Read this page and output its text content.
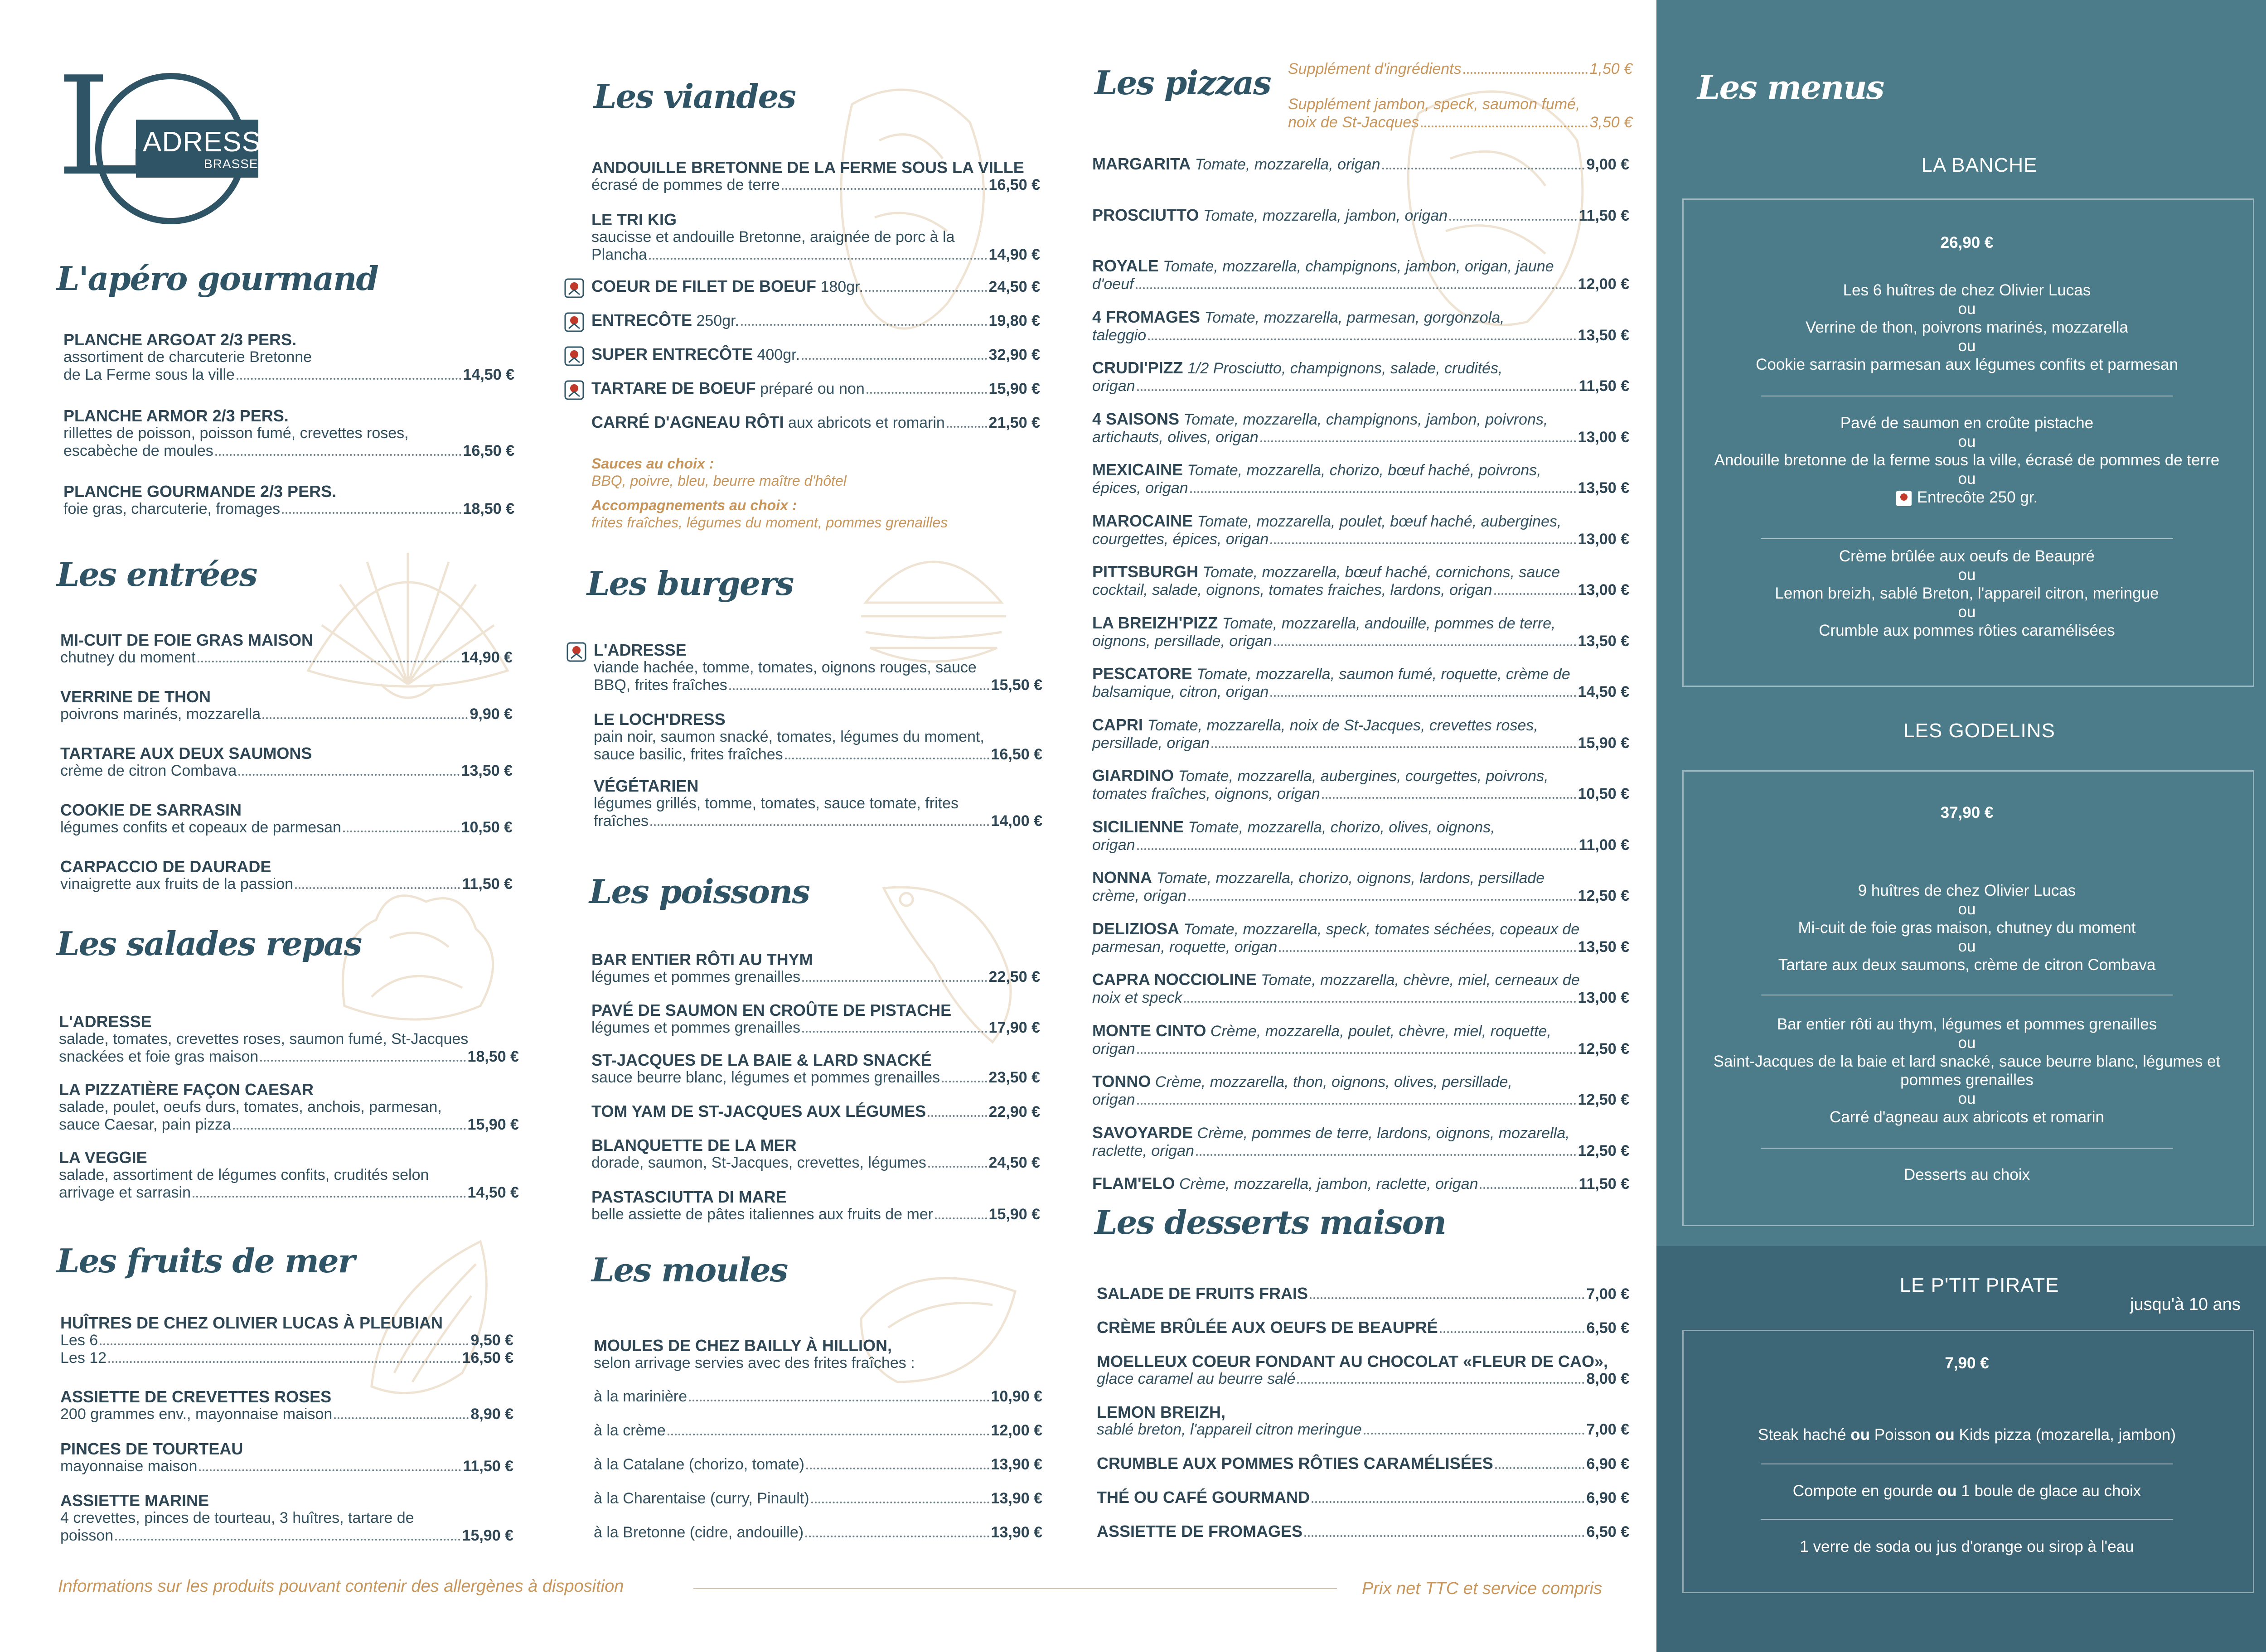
L
ADRESSE
BRASSERIE
L'apéro gourmand
Les entrées
Les salades repas
Les fruits de mer
Les viandes
Les burgers
Les poissons
Les moules
Sauces au choix :
BBQ, poivre, bleu, beurre maître d'hôtel
Accompagnements au choix :
frites fraîches, légumes du moment, pommes grenailles
Les pizzas
Les desserts maison
Supplément d'ingrédients	1,50 €
Supplément jambon, speck, saumon fumé,
noix de St-Jacques	3,50 €
PLANCHE ARGOAT 2/3 PERS.
assortiment de charcuterie Bretonne
de La Ferme sous la ville	14,50 €
PLANCHE ARMOR 2/3 PERS.
rillettes de poisson, poisson fumé, crevettes roses,
escabèche de moules	16,50 €
PLANCHE GOURMANDE 2/3 PERS.
foie gras, charcuterie, fromages	18,50 €
MI-CUIT DE FOIE GRAS MAISON
chutney du moment	14,90 €
VERRINE DE THON
poivrons marinés, mozzarella	9,90 €
TARTARE AUX DEUX SAUMONS
crème de citron Combava	13,50 €
COOKIE DE SARRASIN
légumes confits et copeaux de parmesan	10,50 €
CARPACCIO DE DAURADE
vinaigrette aux fruits de la passion	11,50 €
L'ADRESSE
salade, tomates, crevettes roses, saumon fumé, St-Jacques
snackées et foie gras maison	18,50 €
LA PIZZATIÈRE FAÇON CAESAR
salade, poulet, oeufs durs, tomates, anchois, parmesan,
sauce Caesar, pain pizza	15,90 €
LA VEGGIE
salade, assortiment de légumes confits, crudités selon
arrivage et sarrasin	14,50 €
HUÎTRES DE CHEZ OLIVIER LUCAS À PLEUBIAN
Les 6	9,50 €
Les 12	16,50 €
ASSIETTE DE CREVETTES ROSES
200 grammes env., mayonnaise maison	8,90 €
PINCES DE TOURTEAU
mayonnaise maison	11,50 €
ASSIETTE MARINE
4 crevettes, pinces de tourteau, 3 huîtres, tartare de
poisson	15,90 €
ANDOUILLE BRETONNE DE LA FERME SOUS LA VILLE
écrasé de pommes de terre	16,50 €
LE TRI KIG
saucisse et andouille Bretonne, araignée de porc à la
Plancha	14,90 €
COEUR DE FILET DE BOEUF 180gr.	24,50 €
ENTRECÔTE 250gr.	19,80 €
SUPER ENTRECÔTE 400gr.	32,90 €
TARTARE DE BOEUF préparé ou non	15,90 €
CARRÉ D'AGNEAU RÔTI aux abricots et romarin	21,50 €
L'ADRESSE
viande hachée, tomme, tomates, oignons rouges, sauce
BBQ, frites fraîches	15,50 €
LE LOCH'DRESS
pain noir, saumon snacké, tomates, légumes du moment,
sauce basilic, frites fraîches	16,50 €
VÉGÉTARIEN
légumes grillés, tomme, tomates, sauce tomate, frites
fraîches	14,00 €
BAR ENTIER RÔTI AU THYM
légumes et pommes grenailles	22,50 €
PAVÉ DE SAUMON EN CROÛTE DE PISTACHE
légumes et pommes grenailles	17,90 €
ST-JACQUES DE LA BAIE & LARD SNACKÉ
sauce beurre blanc, légumes et pommes grenailles	23,50 €
TOM YAM DE ST-JACQUES AUX LÉGUMES	22,90 €
BLANQUETTE DE LA MER
dorade, saumon, St-Jacques, crevettes, légumes	24,50 €
PASTASCIUTTA DI MARE
belle assiette de pâtes italiennes aux fruits de mer	15,90 €
MOULES DE CHEZ BAILLY À HILLION,
selon arrivage servies avec des frites fraîches :
à la marinière	10,90 €
à la crème	12,00 €
à la Catalane (chorizo, tomate)	13,90 €
à la Charentaise (curry, Pinault)	13,90 €
à la Bretonne (cidre, andouille)	13,90 €
MARGARITA Tomate, mozzarella, origan	9,00 €
PROSCIUTTO Tomate, mozzarella, jambon, origan	11,50 €
ROYALE Tomate, mozzarella, champignons, jambon, origan, jaune
d'oeuf	12,00 €
4 FROMAGES Tomate, mozzarella, parmesan, gorgonzola,
taleggio	13,50 €
CRUDI'PIZZ 1/2 Prosciutto, champignons, salade, crudités,
origan	11,50 €
4 SAISONS Tomate, mozzarella, champignons, jambon, poivrons,
artichauts, olives, origan	13,00 €
MEXICAINE Tomate, mozzarella, chorizo, bœuf haché, poivrons,
épices, origan	13,50 €
MAROCAINE Tomate, mozzarella, poulet, bœuf haché, aubergines,
courgettes, épices, origan	13,00 €
PITTSBURGH Tomate, mozzarella, bœuf haché, cornichons, sauce
cocktail, salade, oignons, tomates fraiches, lardons, origan	13,00 €
LA BREIZH'PIZZ Tomate, mozzarella, andouille, pommes de terre,
oignons, persillade, origan	13,50 €
PESCATORE Tomate, mozzarella, saumon fumé, roquette, crème de
balsamique, citron, origan	14,50 €
CAPRI Tomate, mozzarella, noix de St-Jacques, crevettes roses,
persillade, origan	15,90 €
GIARDINO Tomate, mozzarella, aubergines, courgettes, poivrons,
tomates fraîches, oignons, origan	10,50 €
SICILIENNE Tomate, mozzarella, chorizo, olives, oignons,
origan	11,00 €
NONNA Tomate, mozzarella, chorizo, oignons, lardons, persillade
crème, origan	12,50 €
DELIZIOSA Tomate, mozzarella, speck, tomates séchées, copeaux de
parmesan, roquette, origan	13,50 €
CAPRA NOCCIOLINE Tomate, mozzarella, chèvre, miel, cerneaux de
noix et speck	13,00 €
MONTE CINTO Crème, mozzarella, poulet, chèvre, miel, roquette,
origan	12,50 €
TONNO Crème, mozzarella, thon, oignons, olives, persillade,
origan	12,50 €
SAVOYARDE Crème, pommes de terre, lardons, oignons, mozarella,
raclette, origan	12,50 €
FLAM'ELO Crème, mozzarella, jambon, raclette, origan	11,50 €
SALADE DE FRUITS FRAIS	7,00 €
CRÈME BRÛLÉE AUX OEUFS DE BEAUPRÉ	6,50 €
MOELLEUX COEUR FONDANT AU CHOCOLAT «FLEUR DE CAO»,
glace caramel au beurre salé	8,00 €
LEMON BREIZH,
sablé breton, l'appareil citron meringue	7,00 €
CRUMBLE AUX POMMES RÔTIES CARAMÉLISÉES	6,90 €
THÉ OU CAFÉ GOURMAND	6,90 €
ASSIETTE DE FROMAGES	6,50 €
Informations sur les produits pouvant contenir des allergènes à disposition	Prix net TTC et service compris
Les menus
LA BANCHE
26,90 €
Les 6 huîtres de chez Olivier Lucas
ou
Verrine de thon, poivrons marinés, mozzarella
ou
Cookie sarrasin parmesan aux légumes confits et parmesan
Pavé de saumon en croûte pistache
ou
Andouille bretonne de la ferme sous la ville, écrasé de pommes de terre
ou
Entrecôte 250 gr.
Crème brûlée aux oeufs de Beaupré
ou
Lemon breizh, sablé Breton, l'appareil citron, meringue
ou
Crumble aux pommes rôties caramélisées
LES GODELINS
37,90 €
9 huîtres de chez Olivier Lucas
ou
Mi-cuit de foie gras maison, chutney du moment
ou
Tartare aux deux saumons, crème de citron Combava
Bar entier rôti au thym, légumes et pommes grenailles
ou
Saint-Jacques de la baie et lard snacké, sauce beurre blanc, légumes et
pommes grenailles
ou
Carré d'agneau aux abricots et romarin
Desserts au choix
LE P'TIT PIRATE
jusqu'à 10 ans
7,90 €
Steak haché ou Poisson ou Kids pizza (mozarella, jambon)
Compote en gourde ou 1 boule de glace au choix
1 verre de soda ou jus d'orange ou sirop à l'eau
